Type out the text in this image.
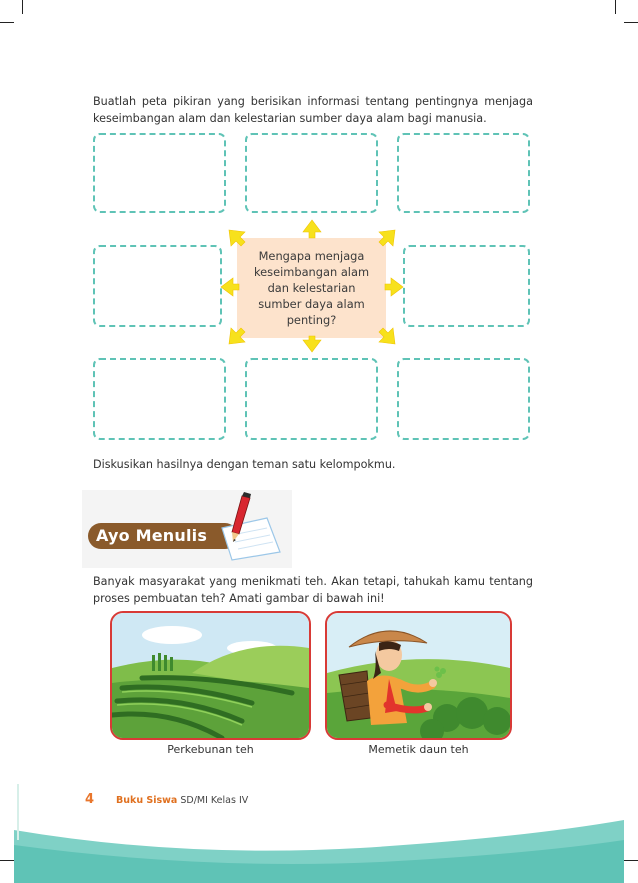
Buatlah peta pikiran yang berisikan informasi tentang pentingnya menjaga keseimbangan alam dan kelestarian sumber daya alam bagi manusia.
Mengapa menjaga keseimbangan alam dan kelestarian sumber daya alam penting?
Diskusikan hasilnya dengan teman satu kelompokmu.
Ayo Menulis
Banyak masyarakat yang menikmati teh. Akan tetapi, tahukah kamu tentang proses pembuatan teh? Amati gambar di bawah ini!
Perkebunan teh	Memetik daun teh
4 Buku Siswa SD/MI Kelas IV
